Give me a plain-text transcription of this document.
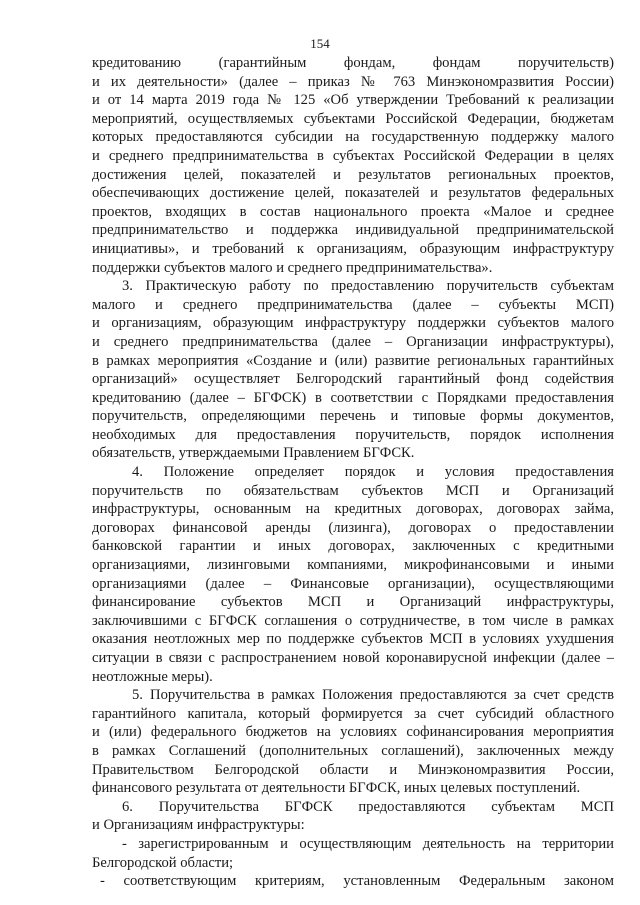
154
кредитованию (гарантийным фондам, фондам поручительств)
и их деятельности» (далее – приказ № 763 Минэкономразвития России)
и от 14 марта 2019 года № 125 «Об утверждении Требований к реализации
мероприятий, осуществляемых субъектами Российской Федерации, бюджетам
которых предоставляются субсидии на государственную поддержку малого
и среднего предпринимательства в субъектах Российской Федерации в целях
достижения целей, показателей и результатов региональных проектов,
обеспечивающих достижение целей, показателей и результатов федеральных
проектов, входящих в состав национального проекта «Малое и среднее
предпринимательство и поддержка индивидуальной предпринимательской
инициативы», и требований к организациям, образующим инфраструктуру
поддержки субъектов малого и среднего предпринимательства».
3. Практическую работу по предоставлению поручительств субъектам
малого и среднего предпринимательства (далее – субъекты МСП)
и организациям, образующим инфраструктуру поддержки субъектов малого
и среднего предпринимательства (далее – Организации инфраструктуры),
в рамках мероприятия «Создание и (или) развитие региональных гарантийных
организаций» осуществляет Белгородский гарантийный фонд содействия
кредитованию (далее – БГФСК) в соответствии с Порядками предоставления
поручительств, определяющими перечень и типовые формы документов,
необходимых для предоставления поручительств, порядок исполнения
обязательств, утверждаемыми Правлением БГФСК.
4. Положение определяет порядок и условия предоставления
поручительств по обязательствам субъектов МСП и Организаций
инфраструктуры, основанным на кредитных договорах, договорах займа,
договорах финансовой аренды (лизинга), договорах о предоставлении
банковской гарантии и иных договорах, заключенных с кредитными
организациями, лизинговыми компаниями, микрофинансовыми и иными
организациями (далее – Финансовые организации), осуществляющими
финансирование субъектов МСП и Организаций инфраструктуры,
заключившими с БГФСК соглашения о сотрудничестве, в том числе в рамках
оказания неотложных мер по поддержке субъектов МСП в условиях ухудшения
ситуации в связи с распространением новой коронавирусной инфекции (далее –
неотложные меры).
5. Поручительства в рамках Положения предоставляются за счет средств
гарантийного капитала, который формируется за счет субсидий областного
и (или) федерального бюджетов на условиях софинансирования мероприятия
в рамках Соглашений (дополнительных соглашений), заключенных между
Правительством Белгородской области и Минэкономразвития России,
финансового результата от деятельности БГФСК, иных целевых поступлений.
6. Поручительства БГФСК предоставляются субъектам МСП
и Организациям инфраструктуры:
- зарегистрированным и осуществляющим деятельность на территории
Белгородской области;
- соответствующим критериям, установленным Федеральным законом
